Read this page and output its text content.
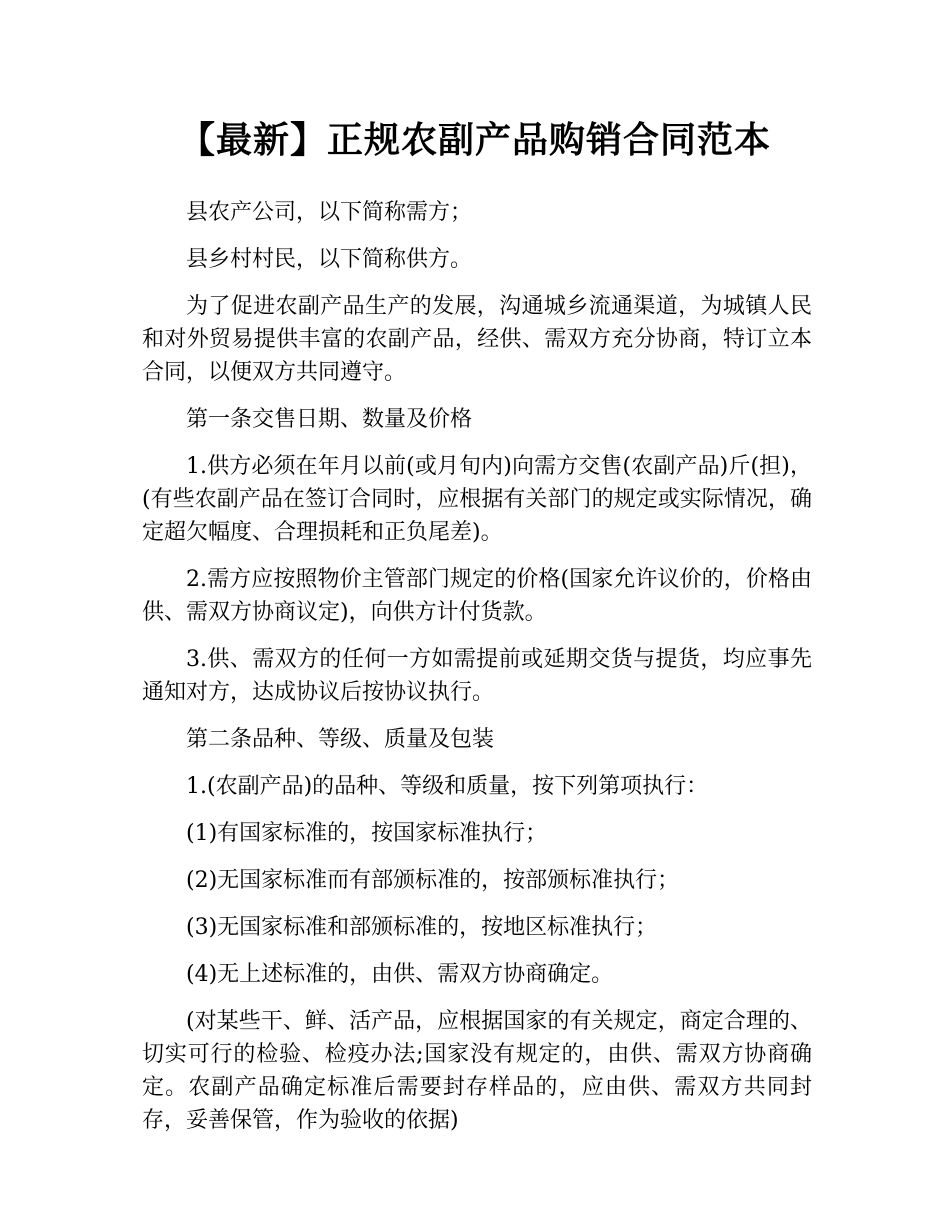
【最新】正规农副产品购销合同范本

县农产公司，以下简称需方；

县乡村村民，以下简称供方。

为了促进农副产品生产的发展，沟通城乡流通渠道，为城镇人民和对外贸易提供丰富的农副产品，经供、需双方充分协商，特订立本合同，以便双方共同遵守。

第一条交售日期、数量及价格

1.供方必须在年月以前(或月旬内)向需方交售(农副产品)斤(担)，(有些农副产品在签订合同时，应根据有关部门的规定或实际情况，确定超欠幅度、合理损耗和正负尾差)。

2.需方应按照物价主管部门规定的价格(国家允许议价的，价格由供、需双方协商议定)，向供方计付货款。

3.供、需双方的任何一方如需提前或延期交货与提货，均应事先通知对方，达成协议后按协议执行。

第二条品种、等级、质量及包装

1.(农副产品)的品种、等级和质量，按下列第项执行：

(1)有国家标准的，按国家标准执行；

(2)无国家标准而有部颁标准的，按部颁标准执行；

(3)无国家标准和部颁标准的，按地区标准执行；

(4)无上述标准的，由供、需双方协商确定。

(对某些干、鲜、活产品，应根据国家的有关规定，商定合理的、切实可行的检验、检疫办法;国家没有规定的，由供、需双方协商确定。农副产品确定标准后需要封存样品的，应由供、需双方共同封存，妥善保管，作为验收的依据)
